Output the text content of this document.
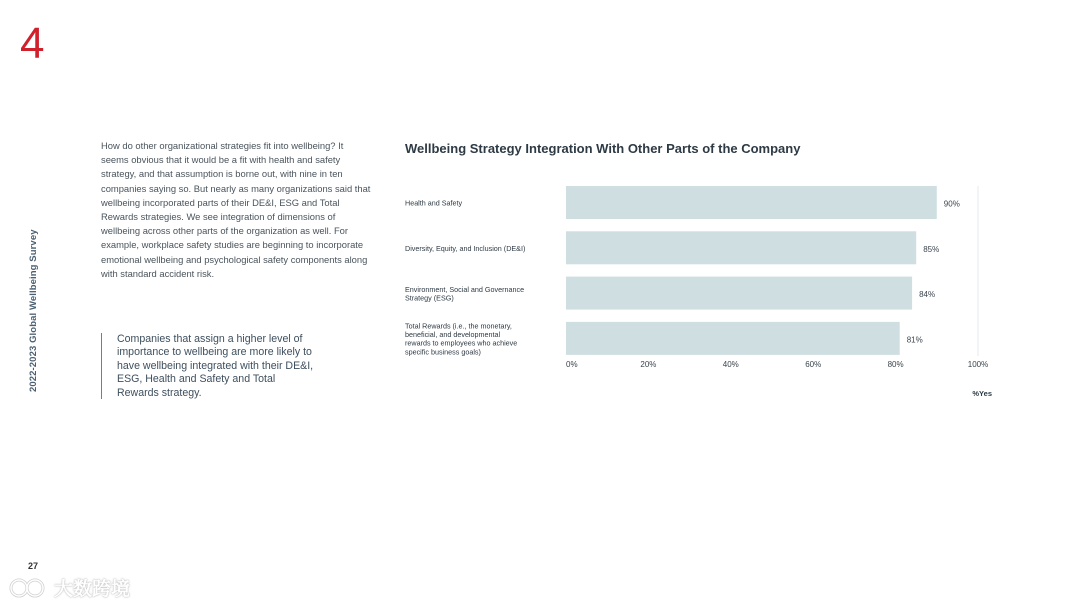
4
2022-2023 Global Wellbeing Survey
How do other organizational strategies fit into wellbeing? It seems obvious that it would be a fit with health and safety strategy, and that assumption is borne out, with nine in ten companies saying so. But nearly as many organizations said that wellbeing incorporated parts of their DE&I, ESG and Total Rewards strategies. We see integration of dimensions of wellbeing across other parts of the organization as well. For example, workplace safety studies are beginning to incorporate emotional wellbeing and psychological safety components along with standard accident risk.
Companies that assign a higher level of importance to wellbeing are more likely to have wellbeing integrated with their DE&I, ESG, Health and Safety and Total Rewards strategy.
Wellbeing Strategy Integration With Other Parts of the Company
90%
Health and Safety
85%
Diversity, Equity, and Inclusion (DE&I)
84%
Environment, Social and Governance Strategy (ESG)
81%
Total Rewards (i.e., the monetary, beneficial, and developmental rewards to employees who achieve specific business goals)
0%	20%	40%	60%	80%	100%
%Yes
27
大数跨境
